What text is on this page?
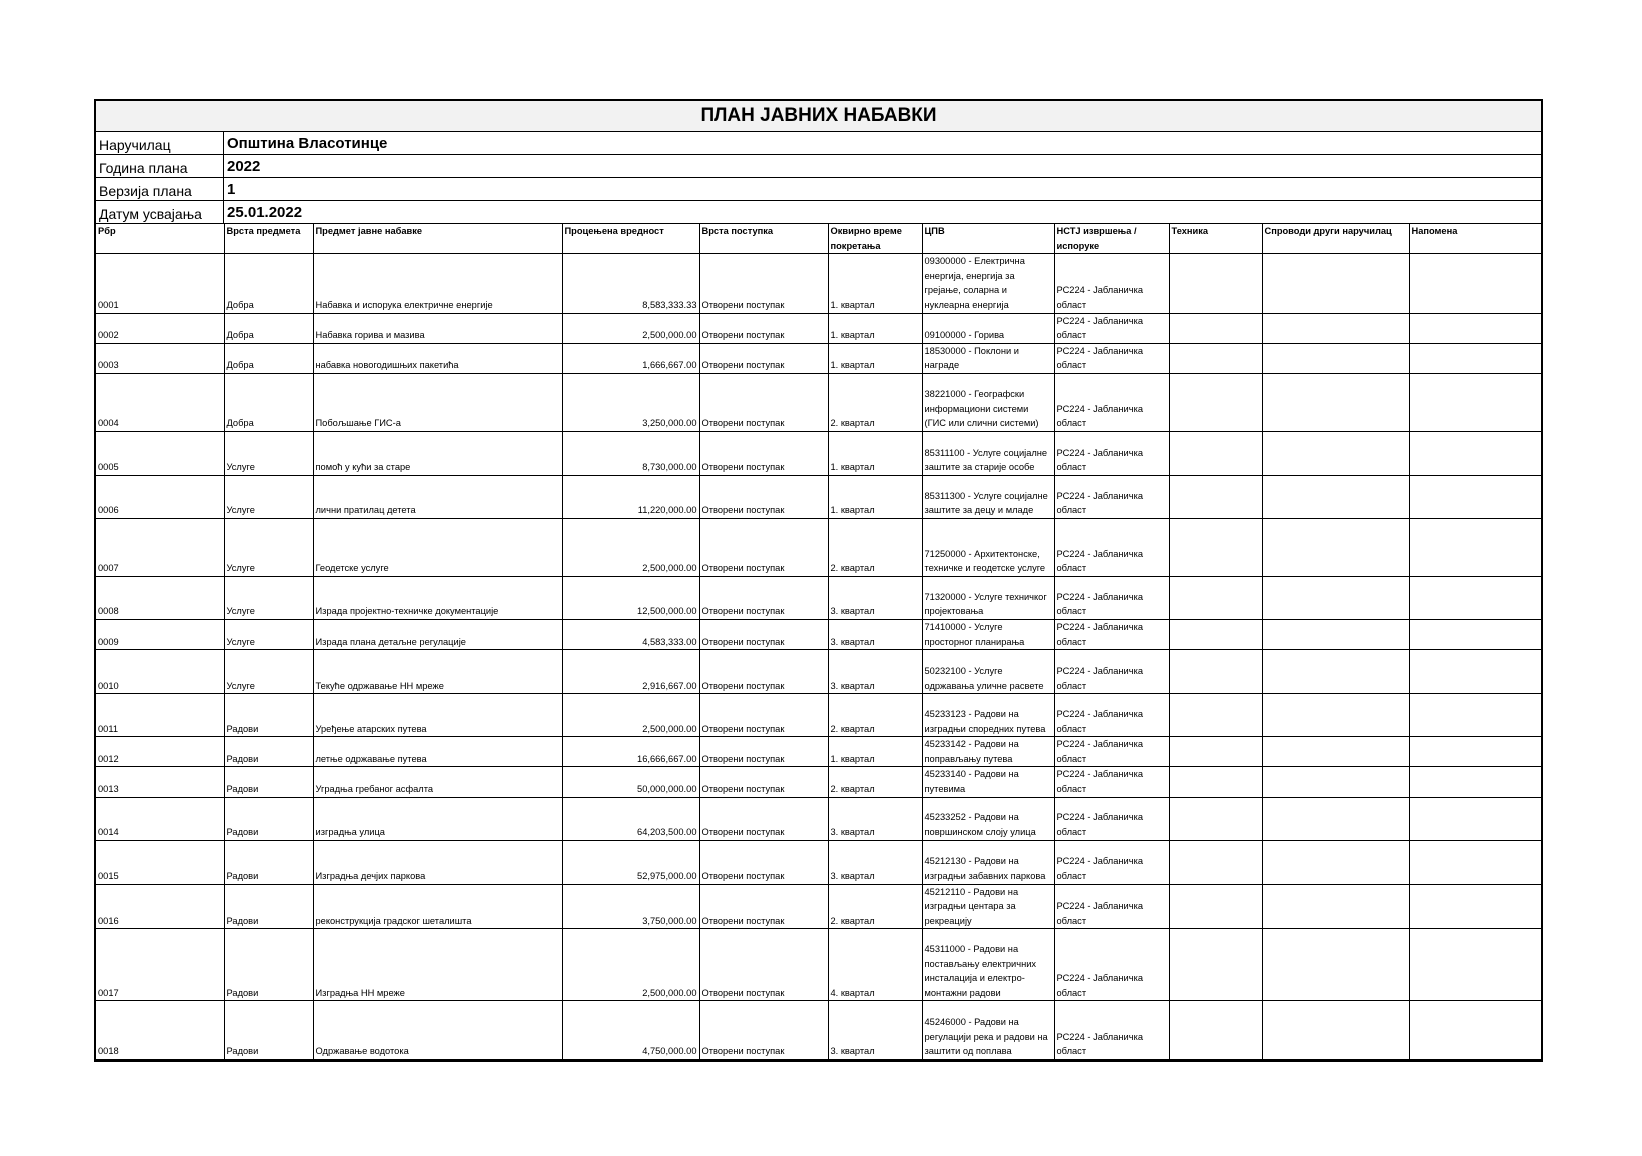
ПЛАН ЈАВНИХ НАБАВКИ
Наручилац	Општина Власотинце
Година плана	2022
Верзија плана	1
Датум усвајања	25.01.2022
Рбр	Врста предмета	Предмет јавне набавке	Процењена вредност	Врста поступка	Оквирно време покретања	ЦПВ	НСТЈ извршења / испоруке	Техника	Спроводи други наручилац	Напомена
0001	Добра	Набавка и испорука електричне енергије	8,583,333.33	Отворени поступак	1. квартал	09300000 - Електрична енергија, енергија за грејање, соларна и нуклеарна енергија	РС224 - Јабланичка област			
0002	Добра	Набавка горива и мазива	2,500,000.00	Отворени поступак	1. квартал	09100000 - Горива	РС224 - Јабланичка област			
0003	Добра	набавка новогодишњих пакетића	1,666,667.00	Отворени поступак	1. квартал	18530000 - Поклони и награде	РС224 - Јабланичка област			
0004	Добра	Побољшање ГИС-а	3,250,000.00	Отворени поступак	2. квартал	38221000 - Географски информациони системи (ГИС или слични системи)	РС224 - Јабланичка област			
0005	Услуге	помоћ у кући за старе	8,730,000.00	Отворени поступак	1. квартал	85311100 - Услуге социјалне заштите за старије особе	РС224 - Јабланичка област			
0006	Услуге	лични пратилац детета	11,220,000.00	Отворени поступак	1. квартал	85311300 - Услуге социјалне заштите за децу и младе	РС224 - Јабланичка област			
0007	Услуге	Геодетске услуге	2,500,000.00	Отворени поступак	2. квартал	71250000 - Архитектонске, техничке и геодетске услуге	РС224 - Јабланичка област			
0008	Услуге	Израда пројектно-техничке документације	12,500,000.00	Отворени поступак	3. квартал	71320000 - Услуге техничког пројектовања	РС224 - Јабланичка област			
0009	Услуге	Израда плана детаљне регулације	4,583,333.00	Отворени поступак	3. квартал	71410000 - Услуге просторног планирања	РС224 - Јабланичка област			
0010	Услуге	Текуће одржавање НН мреже	2,916,667.00	Отворени поступак	3. квартал	50232100 - Услуге одржавања уличне расвете	РС224 - Јабланичка област			
0011	Радови	Уређење атарских путева	2,500,000.00	Отворени поступак	2. квартал	45233123 - Радови на изградњи споредних путева	РС224 - Јабланичка област			
0012	Радови	летње одржавање путева	16,666,667.00	Отворени поступак	1. квартал	45233142 - Радови на поправљању путева	РС224 - Јабланичка област			
0013	Радови	Уградња гребаног асфалта	50,000,000.00	Отворени поступак	2. квартал	45233140 - Радови на путевима	РС224 - Јабланичка област			
0014	Радови	изградња улица	64,203,500.00	Отворени поступак	3. квартал	45233252 - Радови на површинском слоју улица	РС224 - Јабланичка област			
0015	Радови	Изградња дечјих паркова	52,975,000.00	Отворени поступак	3. квартал	45212130 - Радови на изградњи забавних паркова	РС224 - Јабланичка област			
0016	Радови	реконструкција градског шеталишта	3,750,000.00	Отворени поступак	2. квартал	45212110 - Радови на изградњи центара за рекреацију	РС224 - Јабланичка област			
0017	Радови	Изградња НН мреже	2,500,000.00	Отворени поступак	4. квартал	45311000 - Радови на постављању електричних инсталација и електро-монтажни радови	РС224 - Јабланичка област			
0018	Радови	Одржавање водотока	4,750,000.00	Отворени поступак	3. квартал	45246000 - Радови на регулацији река и радови на заштити од поплава	РС224 - Јабланичка област			
